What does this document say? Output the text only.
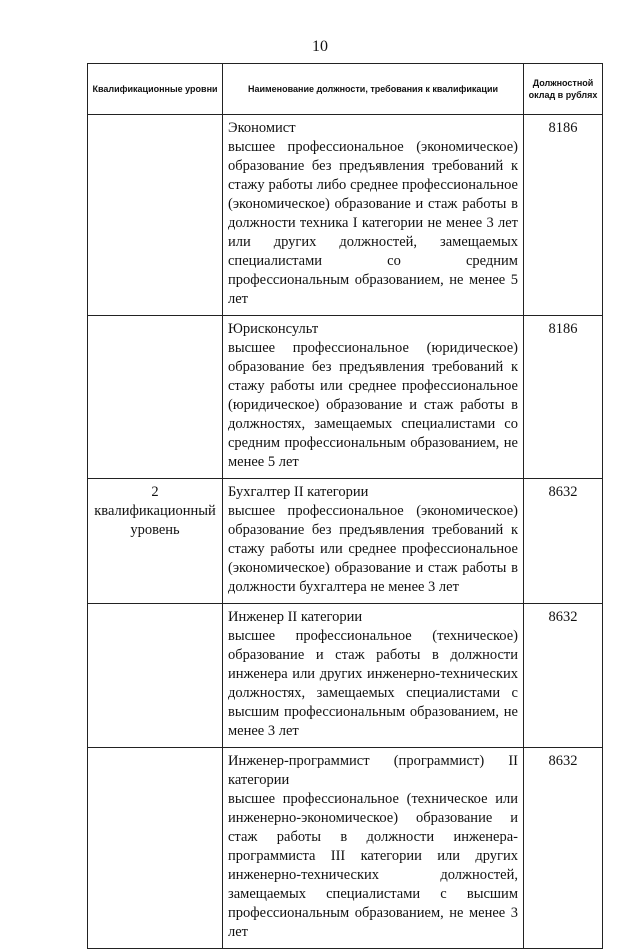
10
Квалификационные уровни	Наименование должности, требования к квалификации	Должностной оклад в рублях

	Экономист
высшее профессиональное (экономическое) образование без предъявления требований к стажу работы либо среднее профессиональное (экономическое) образование и стаж работы в должности техника I категории не менее 3 лет или других должностей, замещаемых специалистами со средним профессиональным образованием, не менее 5 лет	8186

	Юрисконсульт
высшее профессиональное (юридическое) образование без предъявления требований к стажу работы или среднее профессиональное (юридическое) образование и стаж работы в должностях, замещаемых специалистами со средним профессиональным образованием, не менее 5 лет	8186
2 квалификационный уровень	Бухгалтер II категории
высшее профессиональное (экономическое) образование без предъявления требований к стажу работы или среднее профессиональное (экономическое) образование и стаж работы в должности бухгалтера не менее 3 лет	8632

	Инженер II категории
высшее профессиональное (техническое) образование и стаж работы в должности инженера или других инженерно-технических должностях, замещаемых специалистами с высшим профессиональным образованием, не менее 3 лет	8632

	Инженер-программист (программист) II категории
высшее профессиональное (техническое или инженерно-экономическое) образование и стаж работы в должности инженера-программиста III категории или других инженерно-технических должностей, замещаемых специалистами с высшим профессиональным образованием, не менее 3 лет	8632
